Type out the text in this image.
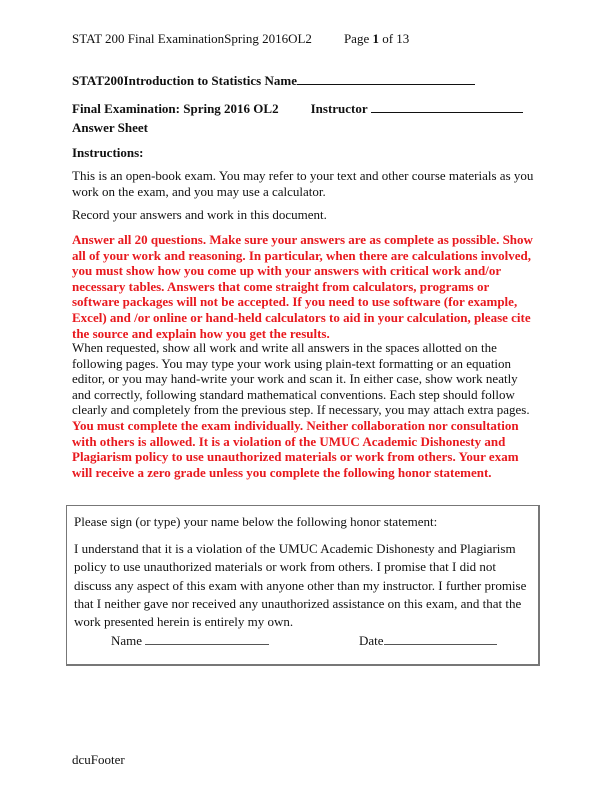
STAT 200 Final ExaminationSpring 2016OL2 Page 1 of 13
STAT200Introduction to Statistics Name
Final Examination: Spring 2016 OL2 Instructor
Answer Sheet
Instructions:
This is an open-book exam. You may refer to your text and other course materials as you work on the exam, and you may use a calculator.
Record your answers and work in this document.
Answer all 20 questions. Make sure your answers are as complete as possible. Show all of your work and reasoning. In particular, when there are calculations involved, you must show how you come up with your answers with critical work and/or necessary tables. Answers that come straight from calculators, programs or software packages will not be accepted. If you need to use software (for example, Excel) and /or online or hand-held calculators to aid in your calculation, please cite the source and explain how you get the results.
When requested, show all work and write all answers in the spaces allotted on the following pages. You may type your work using plain-text formatting or an equation editor, or you may hand-write your work and scan it. In either case, show work neatly and correctly, following standard mathematical conventions. Each step should follow clearly and completely from the previous step. If necessary, you may attach extra pages.
You must complete the exam individually. Neither collaboration nor consultation with others is allowed. It is a violation of the UMUC Academic Dishonesty and Plagiarism policy to use unauthorized materials or work from others. Your exam will receive a zero grade unless you complete the following honor statement.
Please sign (or type) your name below the following honor statement:
I understand that it is a violation of the UMUC Academic Dishonesty and Plagiarism policy to use unauthorized materials or work from others. I promise that I did not discuss any aspect of this exam with anyone other than my instructor. I further promise that I neither gave nor received any unauthorized assistance on this exam, and that the work presented herein is entirely my own.
Name	Date
dcuFooter
